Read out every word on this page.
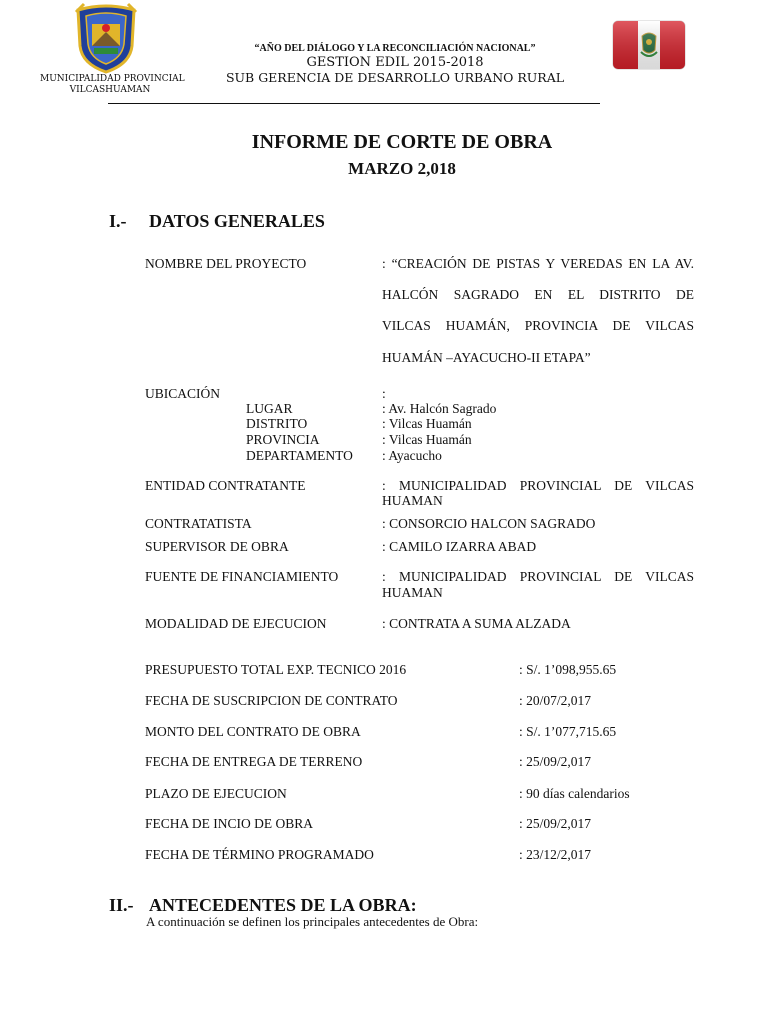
MUNICIPALIDAD PROVINCIAL
VILCASHUAMAN
“AÑO DEL DIÁLOGO Y LA RECONCILIACIÓN NACIONAL”
GESTION EDIL 2015-2018
SUB GERENCIA DE DESARROLLO URBANO RURAL
INFORME DE CORTE DE OBRA
MARZO 2,018
I.- DATOS GENERALES
NOMBRE DEL PROYECTO	: “CREACIÓN DE PISTAS Y VEREDAS EN LA AV.
HALCÓN SAGRADO EN EL DISTRITO DE
VILCAS HUAMÁN, PROVINCIA DE VILCAS
HUAMÁN –AYACUCHO-II ETAPA”
UBICACIÓN	:
LUGAR	: Av. Halcón Sagrado
DISTRITO	: Vilcas Huamán
PROVINCIA	: Vilcas Huamán
DEPARTAMENTO : Ayacucho
ENTIDAD CONTRATANTE	: MUNICIPALIDAD PROVINCIAL DE VILCAS
HUAMAN
CONTRATATISTA	: CONSORCIO HALCON SAGRADO
SUPERVISOR DE OBRA	: CAMILO IZARRA ABAD
FUENTE DE FINANCIAMIENTO	: MUNICIPALIDAD PROVINCIAL DE VILCAS
HUAMAN
MODALIDAD DE EJECUCION	: CONTRATA A SUMA ALZADA
PRESUPUESTO TOTAL EXP. TECNICO 2016	: S/. 1’098,955.65
FECHA DE SUSCRIPCION DE CONTRATO	: 20/07/2,017
MONTO DEL CONTRATO DE OBRA	: S/. 1’077,715.65
FECHA DE ENTREGA DE TERRENO	: 25/09/2,017
PLAZO DE EJECUCION	: 90 días calendarios
FECHA DE INCIO DE OBRA	: 25/09/2,017
FECHA DE TÉRMINO PROGRAMADO	: 23/12/2,017
II.- ANTECEDENTES DE LA OBRA:
A continuación se definen los principales antecedentes de Obra:
